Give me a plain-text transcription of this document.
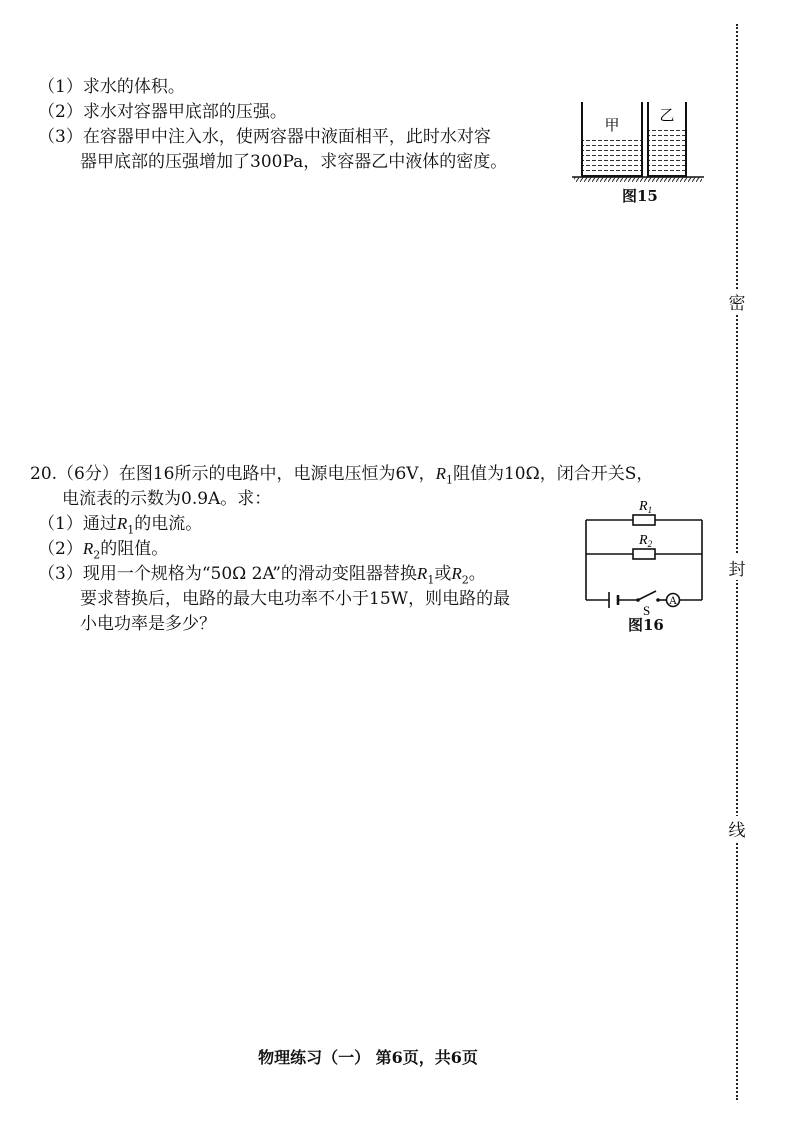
（1）求水的体积。
（2）求水对容器甲底部的压强。
（3）在容器甲中注入水，使两容器中液面相平，此时水对容
器甲底部的压强增加了300Pa，求容器乙中液体的密度。
甲
乙
图15
20.（6分）在图16所示的电路中，电源电压恒为6V，$R_1$阻值为10Ω，闭合开关S，
电流表的示数为0.9A。求：
（1）通过$R_1$的电流。
$(2)R_2$的阻值。
（3）现用一个规格为“50Ω 2A”的滑动变阻器替换$R_1$或$R_2$。
要求替换后，电路的最大电功率不小于15W，则电路的最
小电功率是多少？
A
$R_1$
$R_2$
S
图16
密
封
线
物理练习（一） 第6页，共6页
